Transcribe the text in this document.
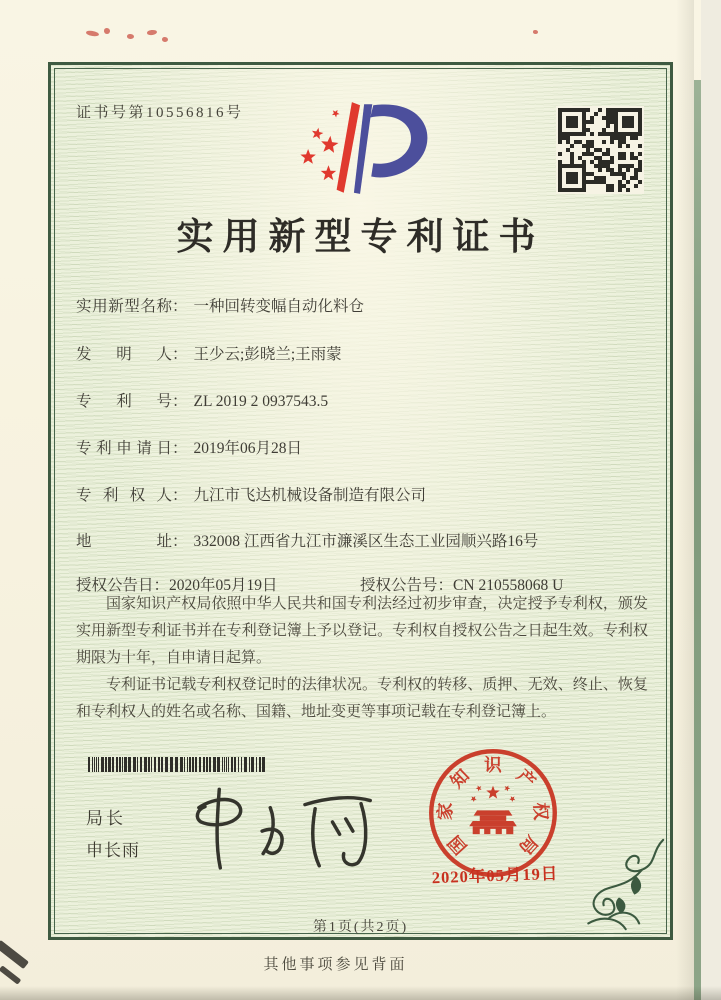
证书号第10556816号
实用新型专利证书
实用新型名称 ： 一种回转变幅自动化料仓
发明人 ： 王少云;彭晓兰;王雨蒙
专利号 ： ZL 2019 2 0937543.5
专利申请日 ： 2019年06月28日
专利权人 ： 九江市飞达机械设备制造有限公司
地址 ： 332008 江西省九江市濂溪区生态工业园顺兴路16号
授权公告日：2020年05月19日	授权公告号：CN 210558068 U

国家知识产权局依照中华人民共和国专利法经过初步审查，决定授予专利权，颁发实用新型专利证书并在专利登记簿上予以登记。专利权自授权公告之日起生效。专利权期限为十年，自申请日起算。

专利证书记载专利权登记时的法律状况。专利权的转移、质押、无效、终止、恢复和专利权人的姓名或名称、国籍、地址变更等事项记载在专利登记簿上。

局长
申长雨	国
家
知
识
产
权
局
2020年05月19日
第1页(共2页)
其他事项参见背面
